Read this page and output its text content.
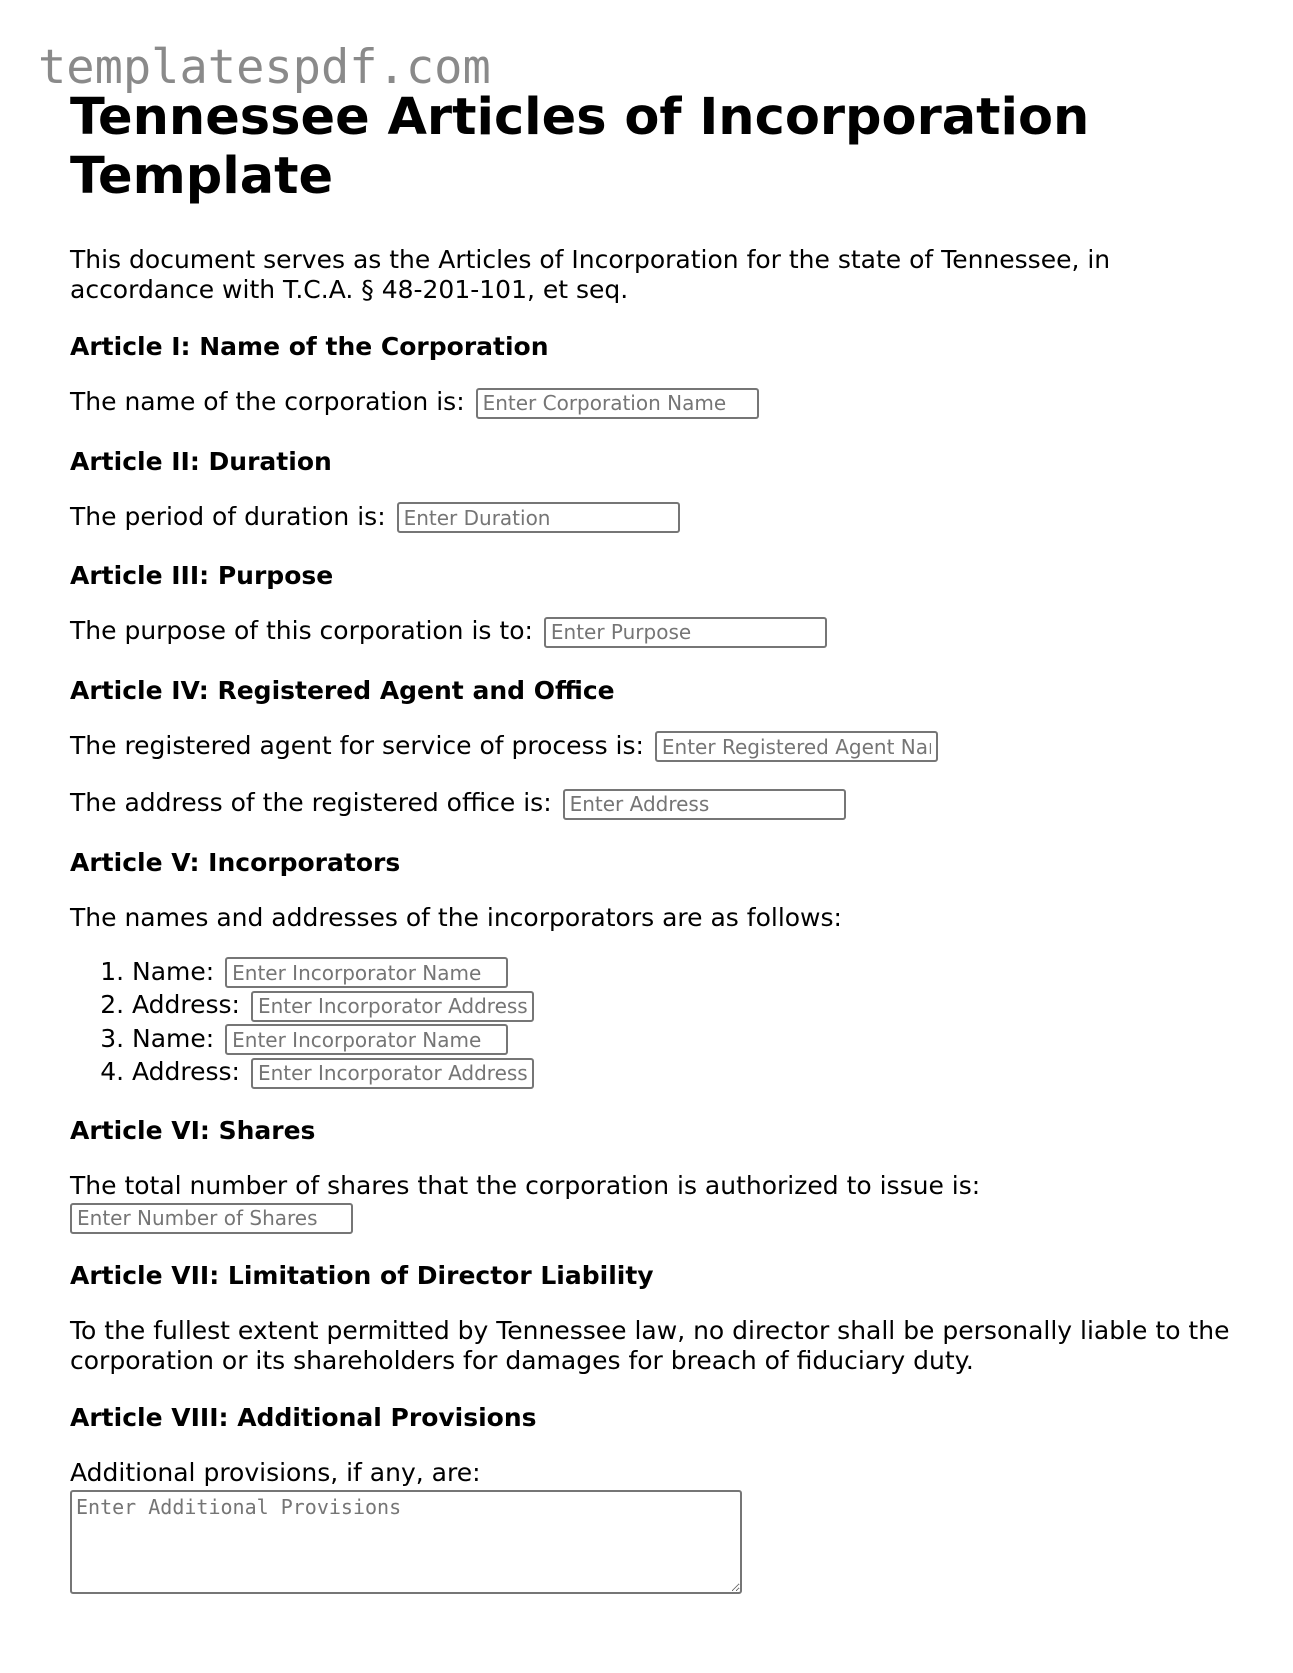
templatespdf.com
Tennessee Articles of Incorporation Template

This document serves as the Articles of Incorporation for the state of Tennessee, in accordance with T.C.A. § 48-201-101, et seq.

Article I: Name of the Corporation
The name of the corporation is: Enter Corporation Name
Article II: Duration
The period of duration is: Enter Duration
Article III: Purpose
The purpose of this corporation is to: Enter Purpose
Article IV: Registered Agent and Office
The registered agent for service of process is: Enter Registered Agent Name
The address of the registered office is: Enter Address
Article V: Incorporators

The names and addresses of the incorporators are as follows:

1. Name: Enter Incorporator Name
2. Address: Enter Incorporator Address
3. Name: Enter Incorporator Name
4. Address: Enter Incorporator Address
Article VI: Shares

The total number of shares that the corporation is authorized to issue is:

Enter Number of Shares
Article VII: Limitation of Director Liability

To the fullest extent permitted by Tennessee law, no director shall be personally liable to the corporation or its shareholders for damages for breach of fiduciary duty.

Article VIII: Additional Provisions

Additional provisions, if any, are:

Enter Additional Provisions
